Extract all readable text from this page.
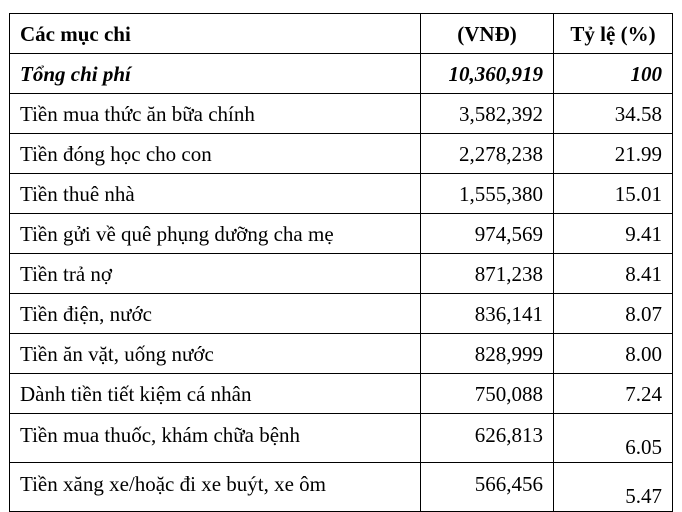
Các mục chi	(VNĐ)	Tỷ lệ (%)
Tổng chi phí	10,360,919	100
Tiền mua thức ăn bữa chính	3,582,392	34.58
Tiền đóng học cho con	2,278,238	21.99
Tiền thuê nhà	1,555,380	15.01
Tiền gửi về quê phụng dưỡng cha mẹ	974,569	9.41
Tiền trả nợ	871,238	8.41
Tiền điện, nước	836,141	8.07
Tiền ăn vặt, uống nước	828,999	8.00
Dành tiền tiết kiệm cá nhân	750,088	7.24
Tiền mua thuốc, khám chữa bệnh	626,813	6.05
Tiền xăng xe/hoặc đi xe buýt, xe ôm	566,456	5.47
